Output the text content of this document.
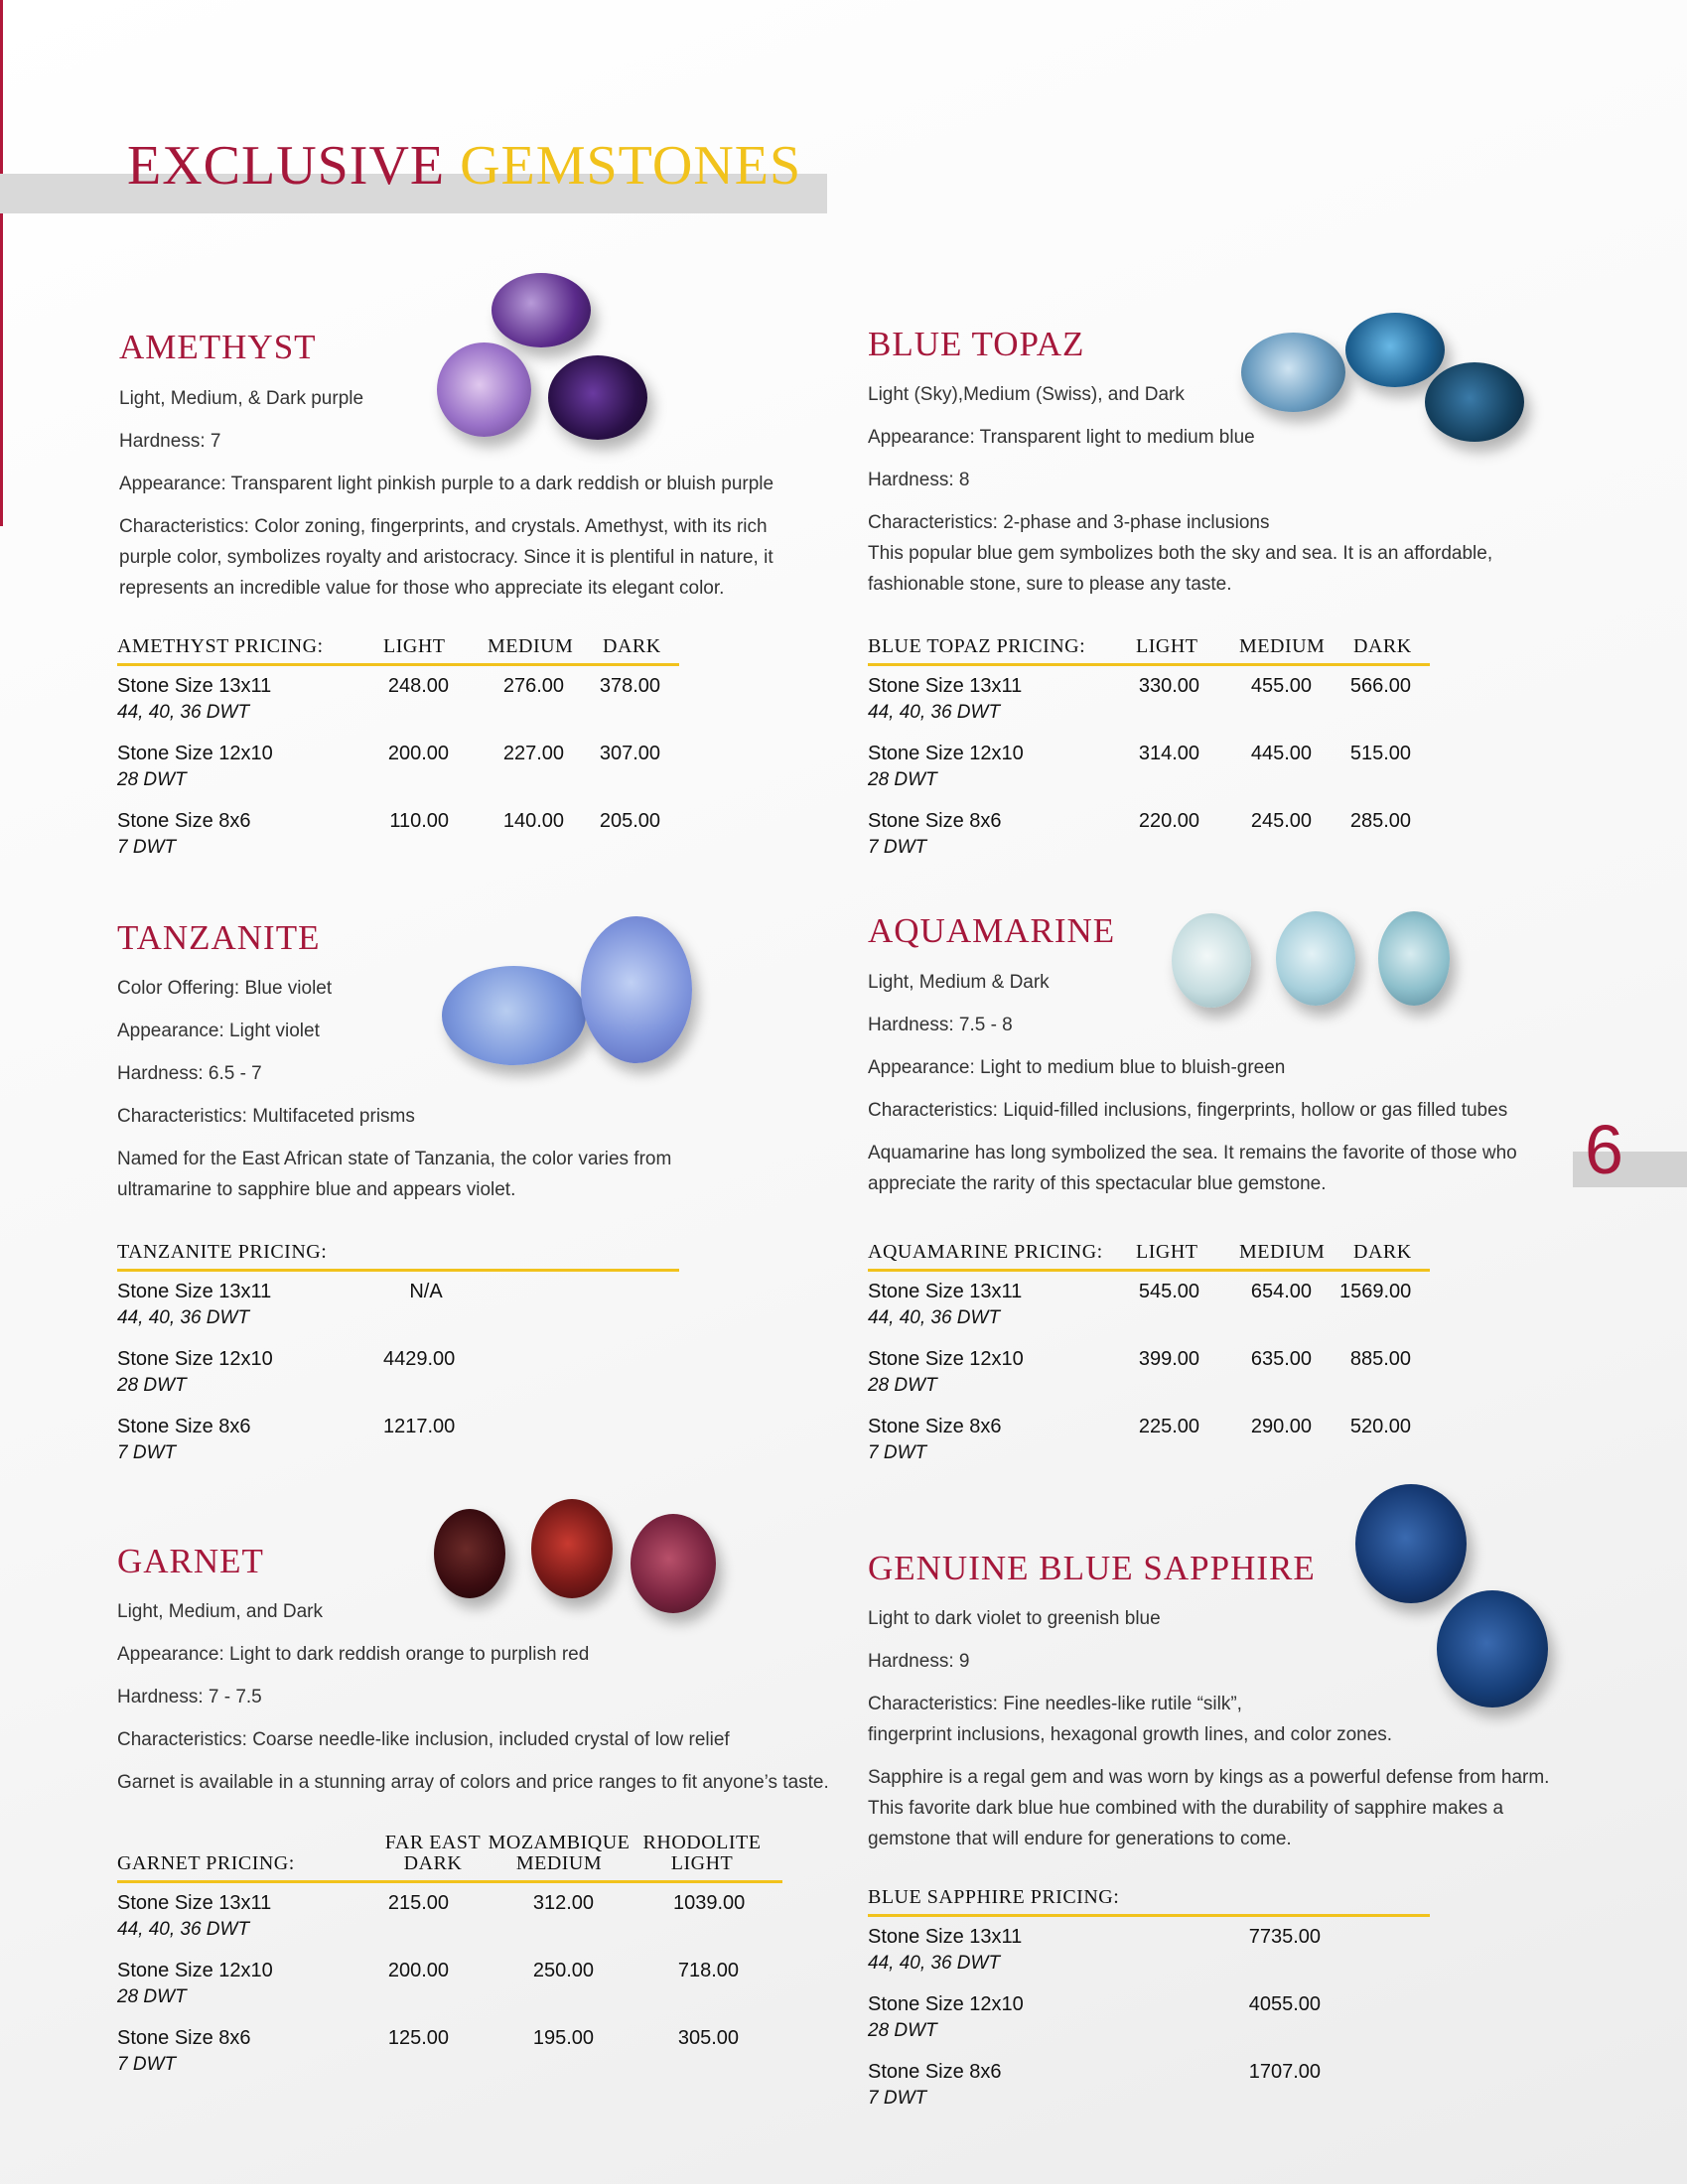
EXCLUSIVE GEMSTONES
AMETHYST
Light, Medium, & Dark purple
Hardness: 7
Appearance: Transparent light pinkish purple to a dark reddish or bluish purple
Characteristics: Color zoning, fingerprints, and crystals. Amethyst, with its rich
purple color, symbolizes royalty and aristocracy. Since it is plentiful in nature, it
represents an incredible value for those who appreciate its elegant color.
AMETHYST PRICING:	LIGHT MEDIUM DARK
Stone Size 13x11
44, 40, 36 DWT
248.00	276.00 378.00
Stone Size 12x10
28 DWT
200.00	227.00 307.00
Stone Size 8x6
7 DWT
110.00	140.00 205.00
BLUE TOPAZ
Light (Sky),Medium (Swiss), and Dark
Appearance: Transparent light to medium blue
Hardness: 8
Characteristics: 2-phase and 3-phase inclusions
This popular blue gem symbolizes both the sky and sea. It is an affordable,
fashionable stone, sure to please any taste.
BLUE TOPAZ PRICING:	LIGHT MEDIUM DARK
Stone Size 13x11
44, 40, 36 DWT
330.00	455.00 566.00
Stone Size 12x10
28 DWT
314.00	445.00 515.00
Stone Size 8x6
7 DWT
220.00	245.00 285.00
TANZANITE
Color Offering: Blue violet
Appearance: Light violet
Hardness: 6.5 - 7
Characteristics: Multifaceted prisms
Named for the East African state of Tanzania, the color varies from
ultramarine to sapphire blue and appears violet.
TANZANITE PRICING:
Stone Size 13x11
44, 40, 36 DWT
N/A
Stone Size 12x10
28 DWT
4429.00
Stone Size 8x6
7 DWT
1217.00
AQUAMARINE
Light, Medium & Dark
Hardness: 7.5 - 8
Appearance: Light to medium blue to bluish-green
Characteristics: Liquid-filled inclusions, fingerprints, hollow or gas filled tubes
Aquamarine has long symbolized the sea. It remains the favorite of those who
appreciate the rarity of this spectacular blue gemstone.
AQUAMARINE PRICING: LIGHT MEDIUM DARK
Stone Size 13x11
44, 40, 36 DWT
545.00	654.00 1569.00
Stone Size 12x10
28 DWT
399.00	635.00 885.00
Stone Size 8x6
7 DWT
225.00	290.00 520.00
GARNET
Light, Medium, and Dark
Appearance: Light to dark reddish orange to purplish red
Hardness: 7 - 7.5
Characteristics: Coarse needle-like inclusion, included crystal of low relief
Garnet is available in a stunning array of colors and price ranges to fit anyone’s taste.
FAR EAST MOZAMBIQUE RHODOLITE
GARNET PRICING:	DARK	MEDIUM	LIGHT
Stone Size 13x11
44, 40, 36 DWT
215.00	312.00	1039.00
Stone Size 12x10
28 DWT
200.00	250.00	718.00
Stone Size 8x6
7 DWT
125.00	195.00	305.00
GENUINE BLUE SAPPHIRE
Light to dark violet to greenish blue
Hardness: 9
Characteristics: Fine needles-like rutile “silk”,
fingerprint inclusions, hexagonal growth lines, and color zones.
Sapphire is a regal gem and was worn by kings as a powerful defense from harm.
This favorite dark blue hue combined with the durability of sapphire makes a
gemstone that will endure for generations to come.
BLUE SAPPHIRE PRICING:
Stone Size 13x11
44, 40, 36 DWT
7735.00
Stone Size 12x10
28 DWT
4055.00
Stone Size 8x6
7 DWT
1707.00
6
